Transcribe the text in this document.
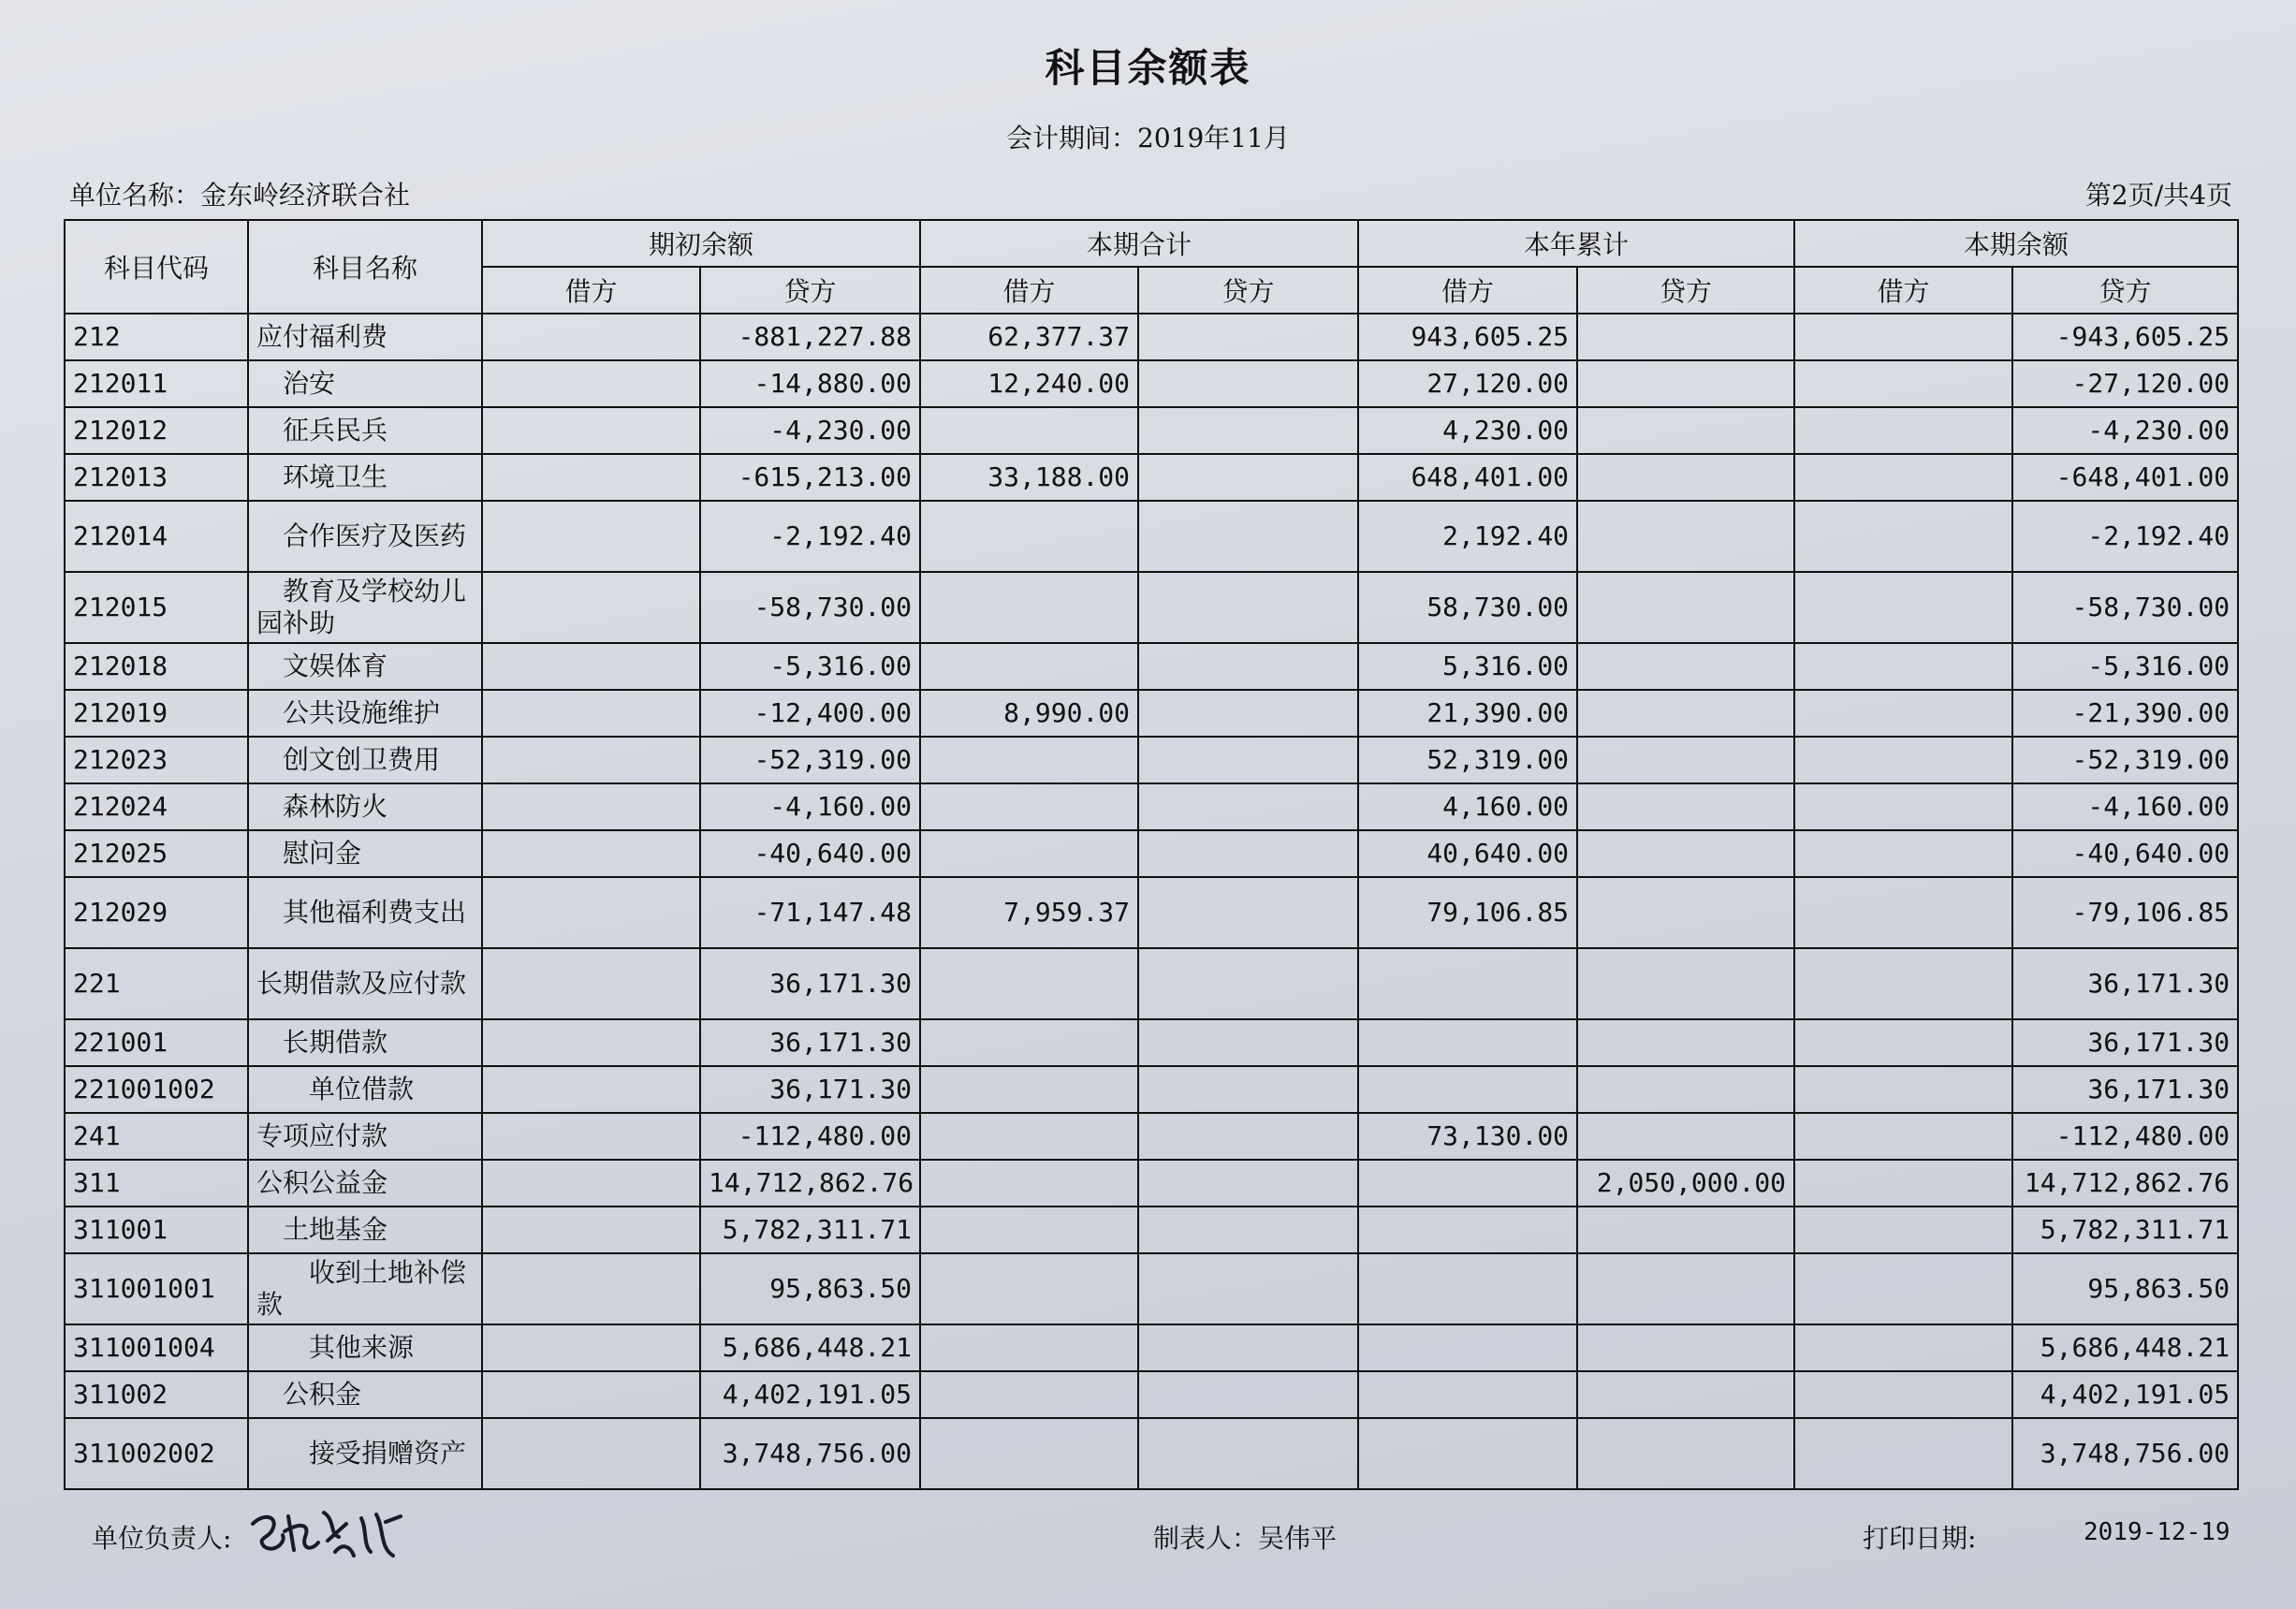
科目余额表
会计期间：2019年11月
单位名称：金东岭经济联合社	第2页/共4页
科目代码	科目名称	期初余额		本期合计		本年累计		本期余额	
		借方	贷方	借方	贷方	借方	贷方	借方	贷方
212	应付福利费		-881,227.88	62,377.37		943,605.25			-943,605.25
212011	治安		-14,880.00	12,240.00		27,120.00			-27,120.00
212012	征兵民兵		-4,230.00			4,230.00			-4,230.00
212013	环境卫生		-615,213.00	33,188.00		648,401.00			-648,401.00
212014	合作医疗及医药		-2,192.40			2,192.40			-2,192.40
212015	教育及学校幼儿园补助		-58,730.00			58,730.00			-58,730.00
212018	文娱体育		-5,316.00			5,316.00			-5,316.00
212019	公共设施维护		-12,400.00	8,990.00		21,390.00			-21,390.00
212023	创文创卫费用		-52,319.00			52,319.00			-52,319.00
212024	森林防火		-4,160.00			4,160.00			-4,160.00
212025	慰问金		-40,640.00			40,640.00			-40,640.00
212029	其他福利费支出		-71,147.48	7,959.37		79,106.85			-79,106.85
221	长期借款及应付款		36,171.30						36,171.30
221001	长期借款		36,171.30						36,171.30
221001002	单位借款		36,171.30						36,171.30
241	专项应付款		-112,480.00			73,130.00			-112,480.00
311	公积公益金		14,712,862.76				2,050,000.00		14,712,862.76
311001	土地基金		5,782,311.71						5,782,311.71
311001001	收到土地补偿款		95,863.50						95,863.50
311001004	其他来源		5,686,448.21						5,686,448.21
311002	公积金		4,402,191.05						4,402,191.05
311002002	接受捐赠资产		3,748,756.00						3,748,756.00
单位负责人:	制表人：吴伟平	打印日期:	2019-12-19
